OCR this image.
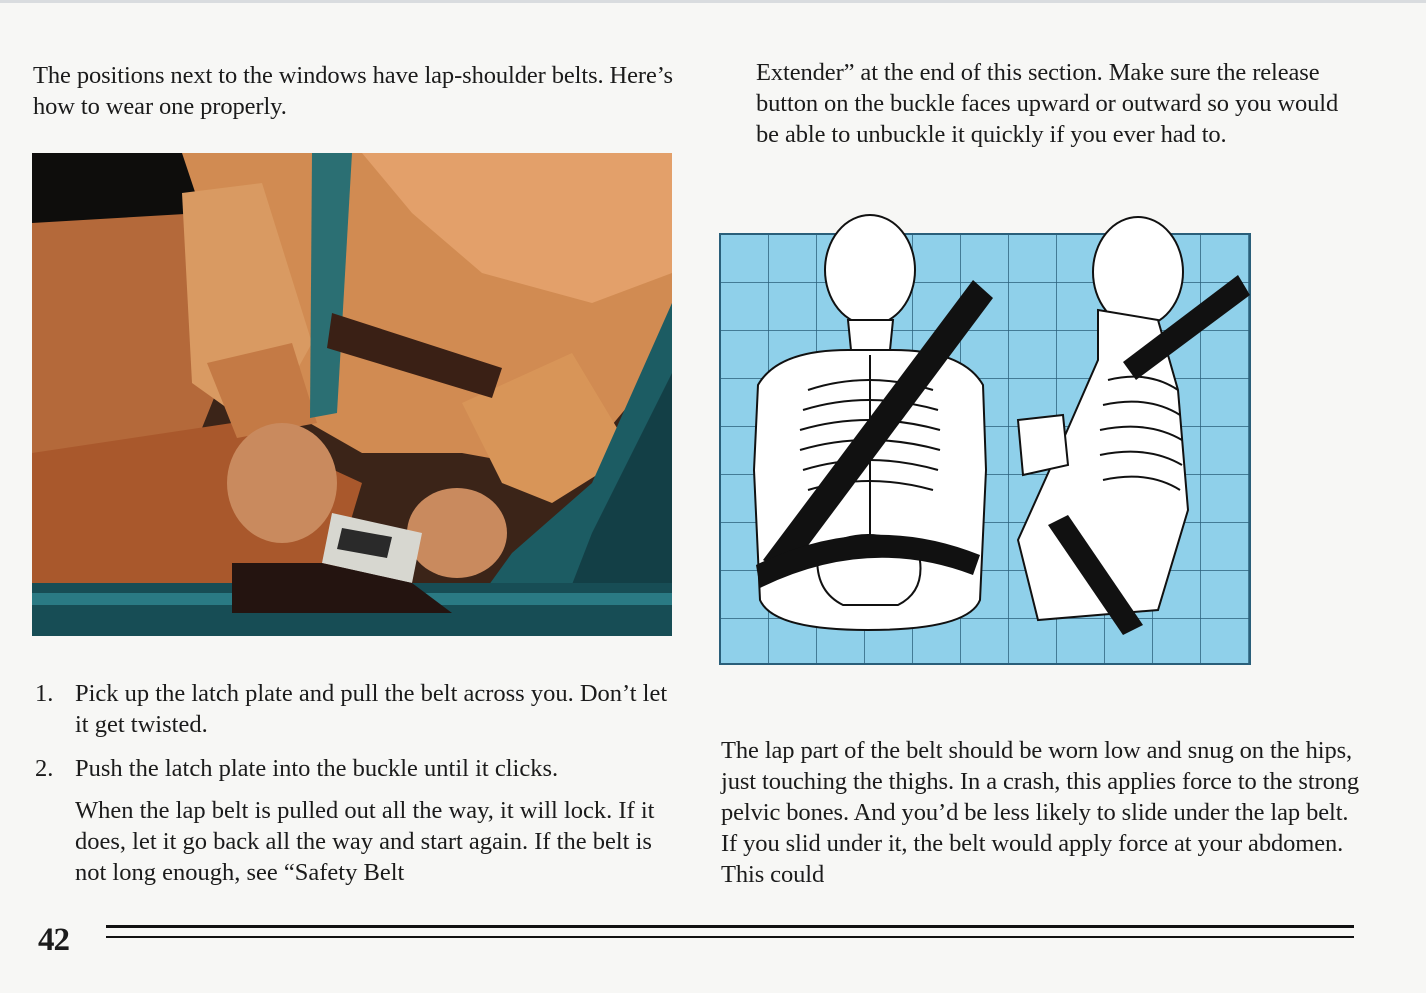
The positions next to the windows have lap-shoulder belts. Here’s how to wear one properly.

1. Pick up the latch plate and pull the belt across you. Don’t let it get twisted.
2. Push the latch plate into the buckle until it clicks.

When the lap belt is pulled out all the way, it will lock. If it does, let it go back all the way and start again. If the belt is not long enough, see “Safety Belt

Extender” at the end of this section. Make sure the release button on the buckle faces upward or outward so you would be able to unbuckle it quickly if you ever had to.

The lap part of the belt should be worn low and snug on the hips, just touching the thighs. In a crash, this applies force to the strong pelvic bones. And you’d be less likely to slide under the lap belt. If you slid under it, the belt would apply force at your abdomen. This could

42
